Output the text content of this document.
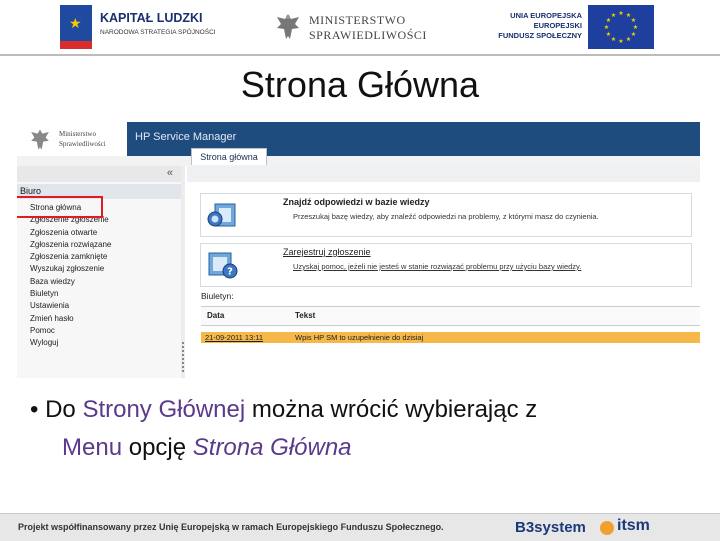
★ KAPITAŁ LUDZKI
NARODOWA STRATEGIA SPÓJNOŚCI
MINISTERSTWO
SPRAWIEDLIWOŚCI
UNIA EUROPEJSKA
EUROPEJSKI
FUNDUSZ SPOŁECZNY
★ ★
★
★
★
★
★
★
★
★
★
★
Strona Główna
Ministerstwo
Sprawiedliwości
HP Service Manager
Strona główna
«
Biuro
Strona główna
Zgłoszenie zgłoszenie
Zgłoszenia otwarte
Zgłoszenia rozwiązane
Zgłoszenia zamknięte
Wyszukaj zgłoszenie
Baza wiedzy
Biuletyn
Ustawienia
Zmień hasło
Pomoc
Wyloguj
Znajdź odpowiedzi w bazie wiedzy
Przeszukaj bazę wiedzy, aby znaleźć odpowiedzi na problemy, z którymi masz do czynienia.
?
Zarejestruj zgłoszenie
Uzyskaj pomoc, jeżeli nie jesteś w stanie rozwiązać problemu przy użyciu bazy wiedzy.
Biuletyn:
Data	Tekst
21-09-2011 13:11	Wpis HP SM to uzupełnienie do dzisiaj
• Do Strony Głównej można wrócić wybierając z
Menu opcję Strona Główna
Projekt współfinansowany przez Unię Europejską w ramach Europejskiego Funduszu Społecznego.	B3system itsm
